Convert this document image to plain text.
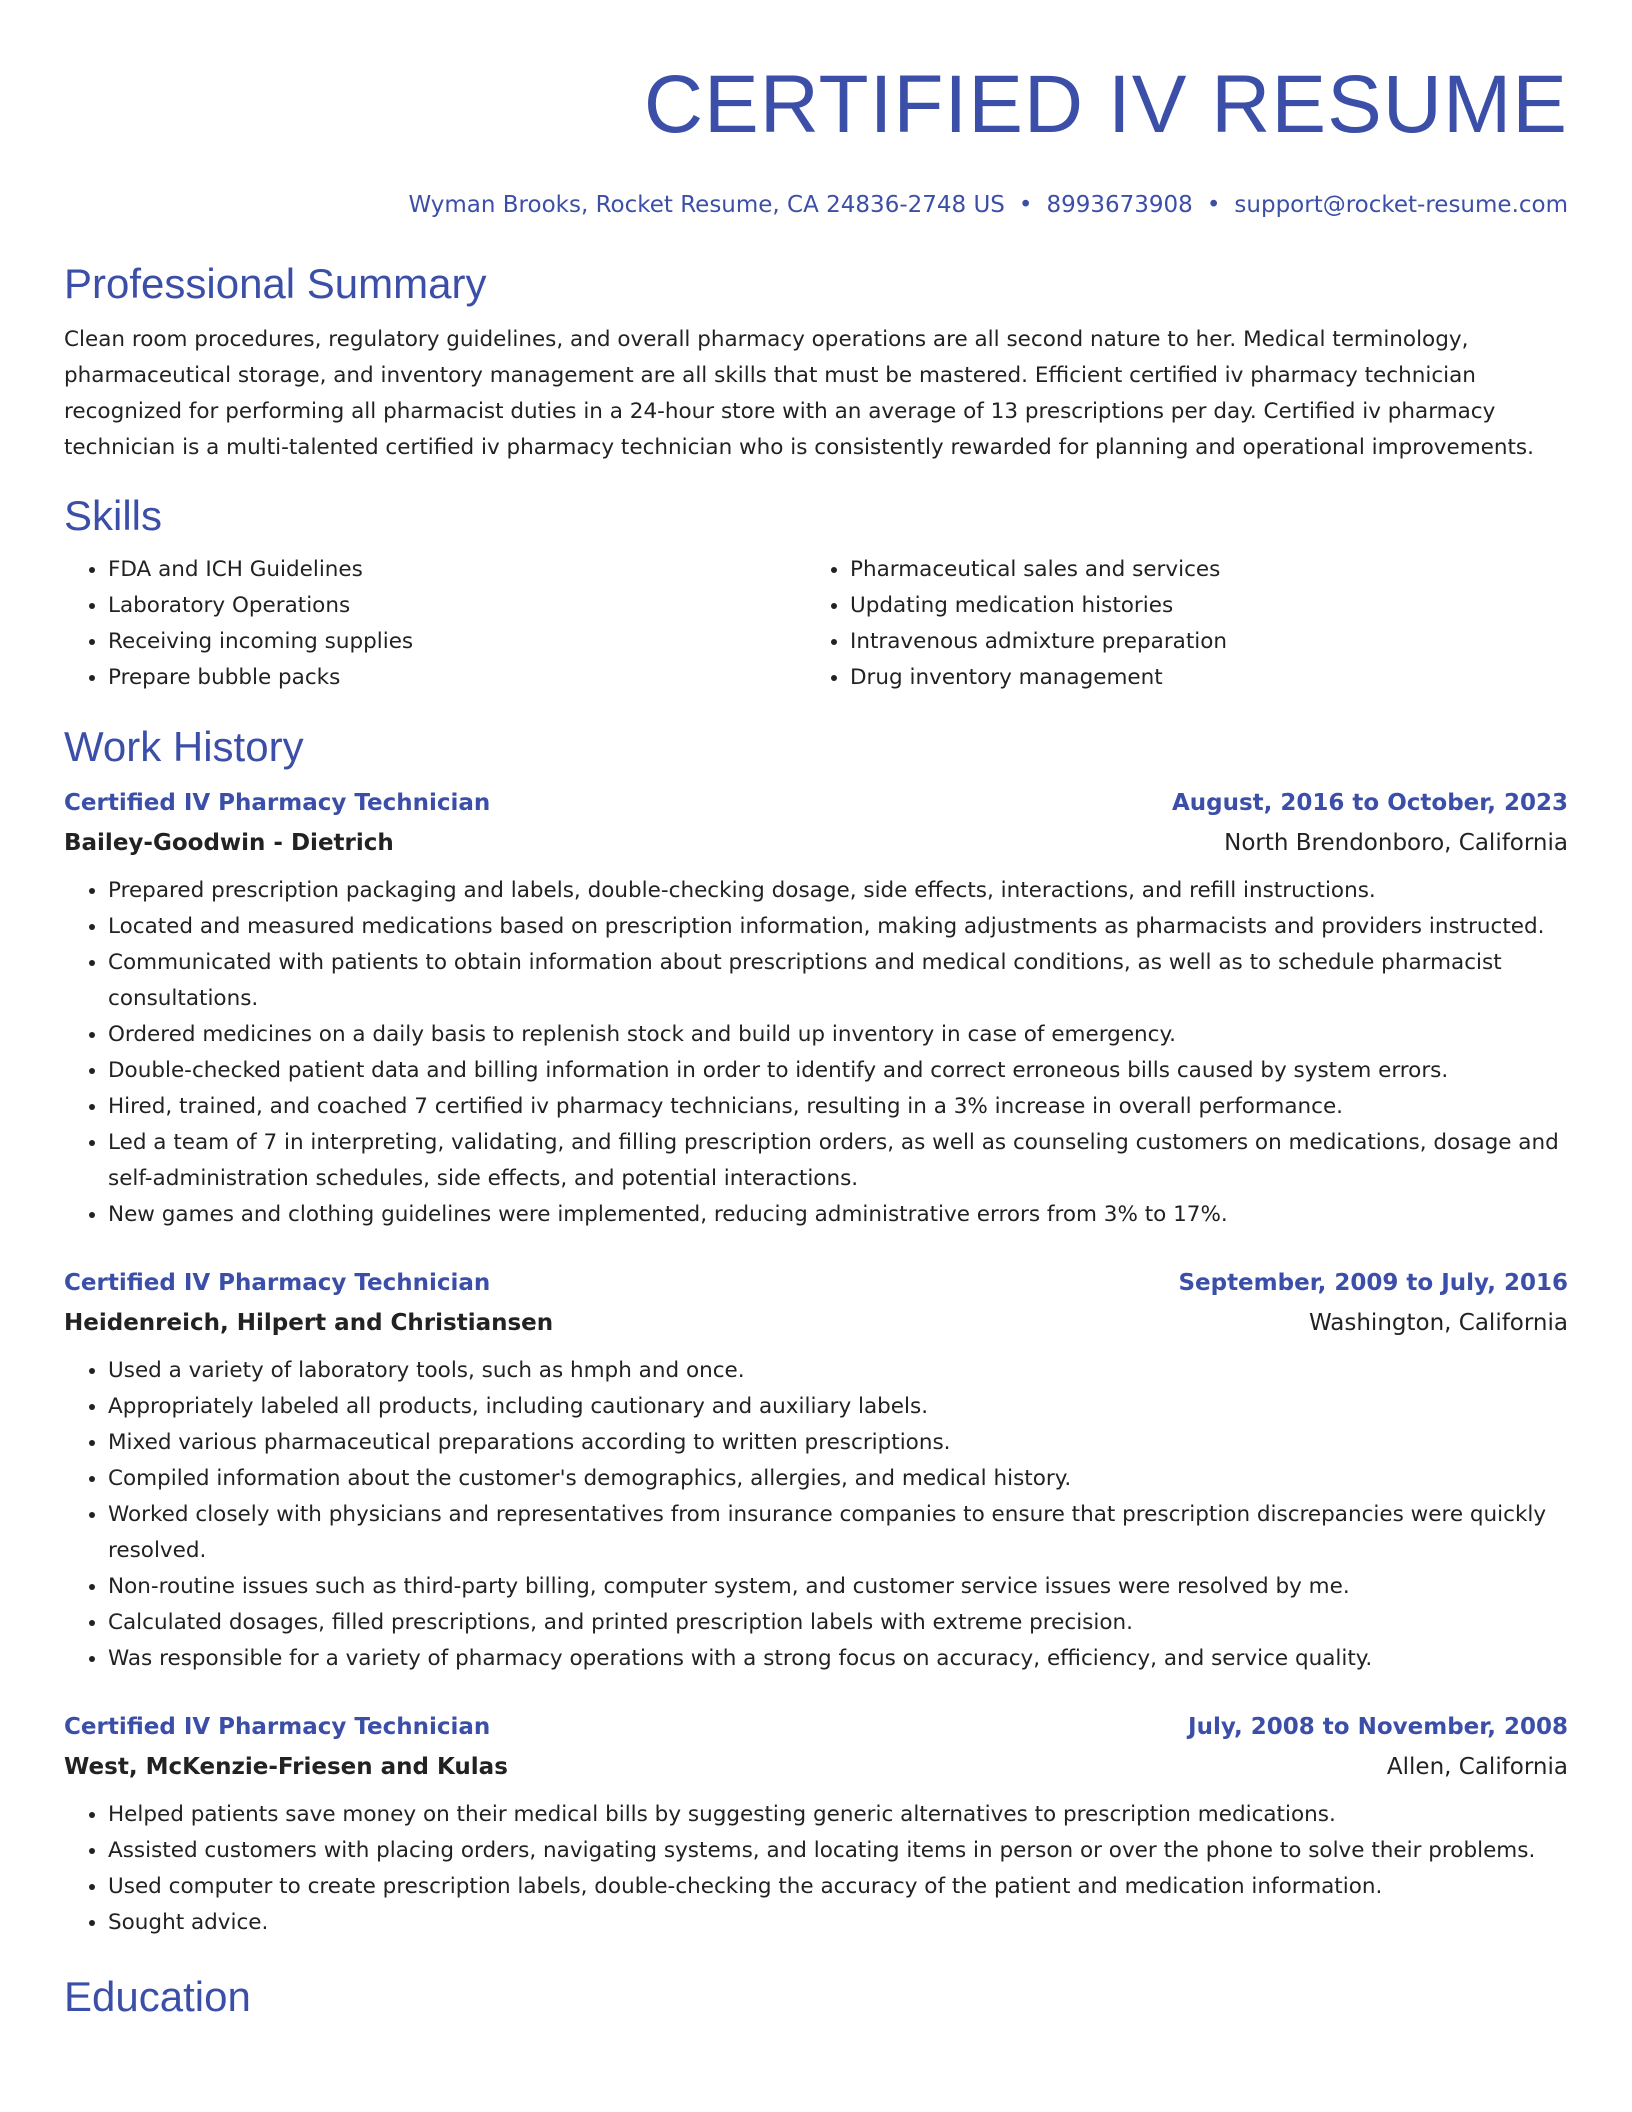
CERTIFIED IV RESUME
Wyman Brooks, Rocket Resume, CA 24836-2748 US • 8993673908 • support@rocket-resume.com
Professional Summary

Clean room procedures, regulatory guidelines, and overall pharmacy operations are all second nature to her. Medical terminology, pharmaceutical storage, and inventory management are all skills that must be mastered. Efficient certified iv pharmacy technician recognized for performing all pharmacist duties in a 24-hour store with an average of 13 prescriptions per day. Certified iv pharmacy technician is a multi-talented certified iv pharmacy technician who is consistently rewarded for planning and operational improvements.

Skills
• FDA and ICH Guidelines
• Laboratory Operations
• Receiving incoming supplies
• Prepare bubble packs
• Pharmaceutical sales and services
• Updating medication histories
• Intravenous admixture preparation
• Drug inventory management
Work History
Certified IV Pharmacy Technician	August, 2016 to October, 2023
Bailey-Goodwin - Dietrich	North Brendonboro, California
• Prepared prescription packaging and labels, double-checking dosage, side effects, interactions, and refill instructions.
• Located and measured medications based on prescription information, making adjustments as pharmacists and providers instructed.
• Communicated with patients to obtain information about prescriptions and medical conditions, as well as to schedule pharmacist consultations.
• Ordered medicines on a daily basis to replenish stock and build up inventory in case of emergency.
• Double-checked patient data and billing information in order to identify and correct erroneous bills caused by system errors.
• Hired, trained, and coached 7 certified iv pharmacy technicians, resulting in a 3% increase in overall performance.
• Led a team of 7 in interpreting, validating, and filling prescription orders, as well as counseling customers on medications, dosage and self-administration schedules, side effects, and potential interactions.
• New games and clothing guidelines were implemented, reducing administrative errors from 3% to 17%.
Certified IV Pharmacy Technician	September, 2009 to July, 2016
Heidenreich, Hilpert and Christiansen	Washington, California
• Used a variety of laboratory tools, such as hmph and once.
• Appropriately labeled all products, including cautionary and auxiliary labels.
• Mixed various pharmaceutical preparations according to written prescriptions.
• Compiled information about the customer's demographics, allergies, and medical history.
• Worked closely with physicians and representatives from insurance companies to ensure that prescription discrepancies were quickly resolved.
• Non-routine issues such as third-party billing, computer system, and customer service issues were resolved by me.
• Calculated dosages, filled prescriptions, and printed prescription labels with extreme precision.
• Was responsible for a variety of pharmacy operations with a strong focus on accuracy, efficiency, and service quality.
Certified IV Pharmacy Technician	July, 2008 to November, 2008
West, McKenzie-Friesen and Kulas	Allen, California
• Helped patients save money on their medical bills by suggesting generic alternatives to prescription medications.
• Assisted customers with placing orders, navigating systems, and locating items in person or over the phone to solve their problems.
• Used computer to create prescription labels, double-checking the accuracy of the patient and medication information.
• Sought advice.
Education
